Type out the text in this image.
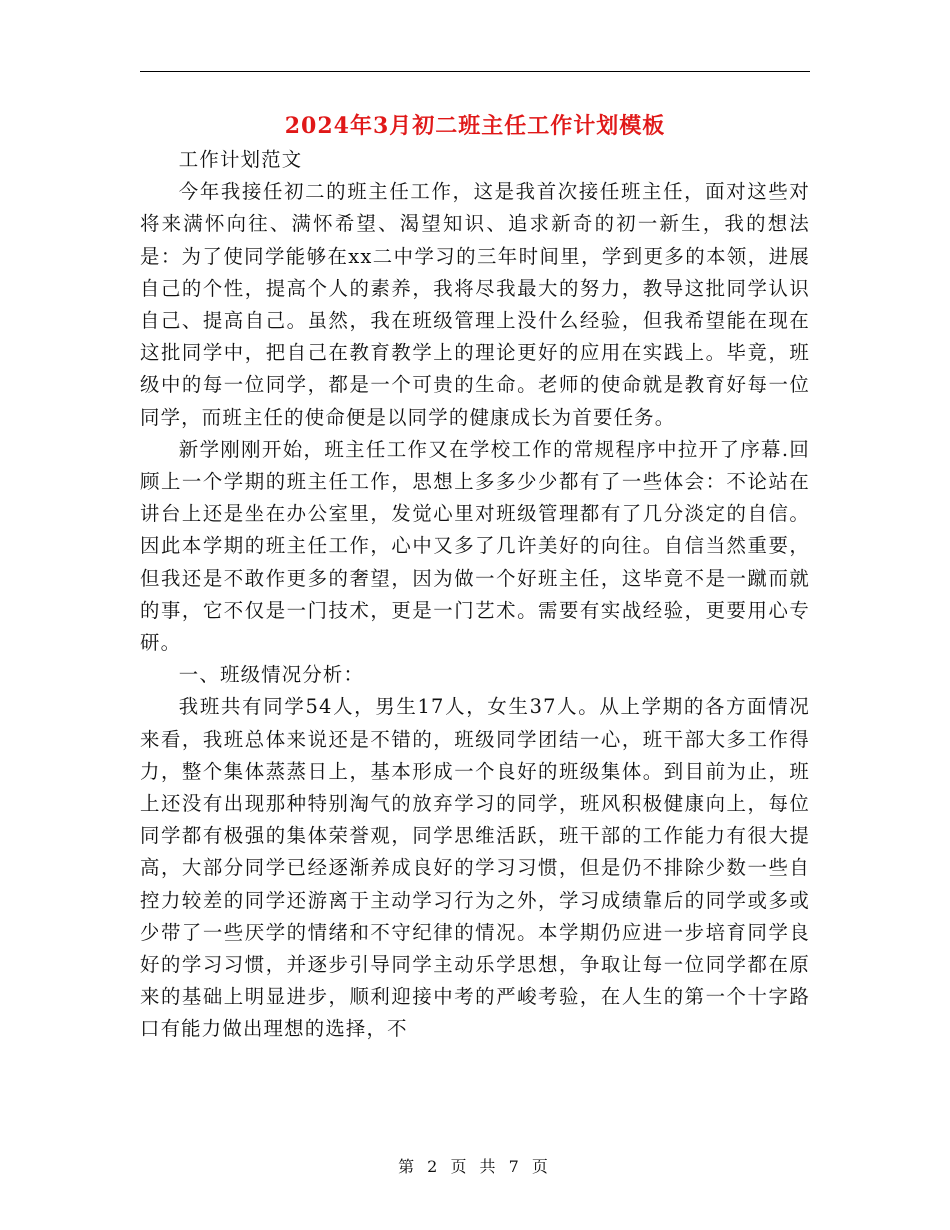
2024年3月初二班主任工作计划模板

工作计划范文

今年我接任初二的班主任工作，这是我首次接任班主任，面对这些对将来满怀向往、满怀希望、渴望知识、追求新奇的初一新生，我的想法是：为了使同学能够在xx二中学习的三年时间里，学到更多的本领，进展自己的个性，提高个人的素养，我将尽我最大的努力，教导这批同学认识自己、提高自己。虽然，我在班级管理上没什么经验，但我希望能在现在这批同学中，把自己在教育教学上的理论更好的应用在实践上。毕竟，班级中的每一位同学，都是一个可贵的生命。老师的使命就是教育好每一位同学，而班主任的使命便是以同学的健康成长为首要任务。

新学刚刚开始，班主任工作又在学校工作的常规程序中拉开了序幕.回顾上一个学期的班主任工作，思想上多多少少都有了一些体会：不论站在讲台上还是坐在办公室里，发觉心里对班级管理都有了几分淡定的自信。因此本学期的班主任工作，心中又多了几许美好的向往。自信当然重要，但我还是不敢作更多的奢望，因为做一个好班主任，这毕竟不是一蹴而就的事，它不仅是一门技术，更是一门艺术。需要有实战经验，更要用心专研。

一、班级情况分析：

我班共有同学54人，男生17人，女生37人。从上学期的各方面情况来看，我班总体来说还是不错的，班级同学团结一心，班干部大多工作得力，整个集体蒸蒸日上，基本形成一个良好的班级集体。到目前为止，班上还没有出现那种特别淘气的放弃学习的同学，班风积极健康向上，每位同学都有极强的集体荣誉观，同学思维活跃，班干部的工作能力有很大提高，大部分同学已经逐渐养成良好的学习习惯，但是仍不排除少数一些自控力较差的同学还游离于主动学习行为之外，学习成绩靠后的同学或多或少带了一些厌学的情绪和不守纪律的情况。本学期仍应进一步培育同学良好的学习习惯，并逐步引导同学主动乐学思想，争取让每一位同学都在原来的基础上明显进步，顺利迎接中考的严峻考验，在人生的第一个十字路口有能力做出理想的选择，不

第 2 页 共 7 页
